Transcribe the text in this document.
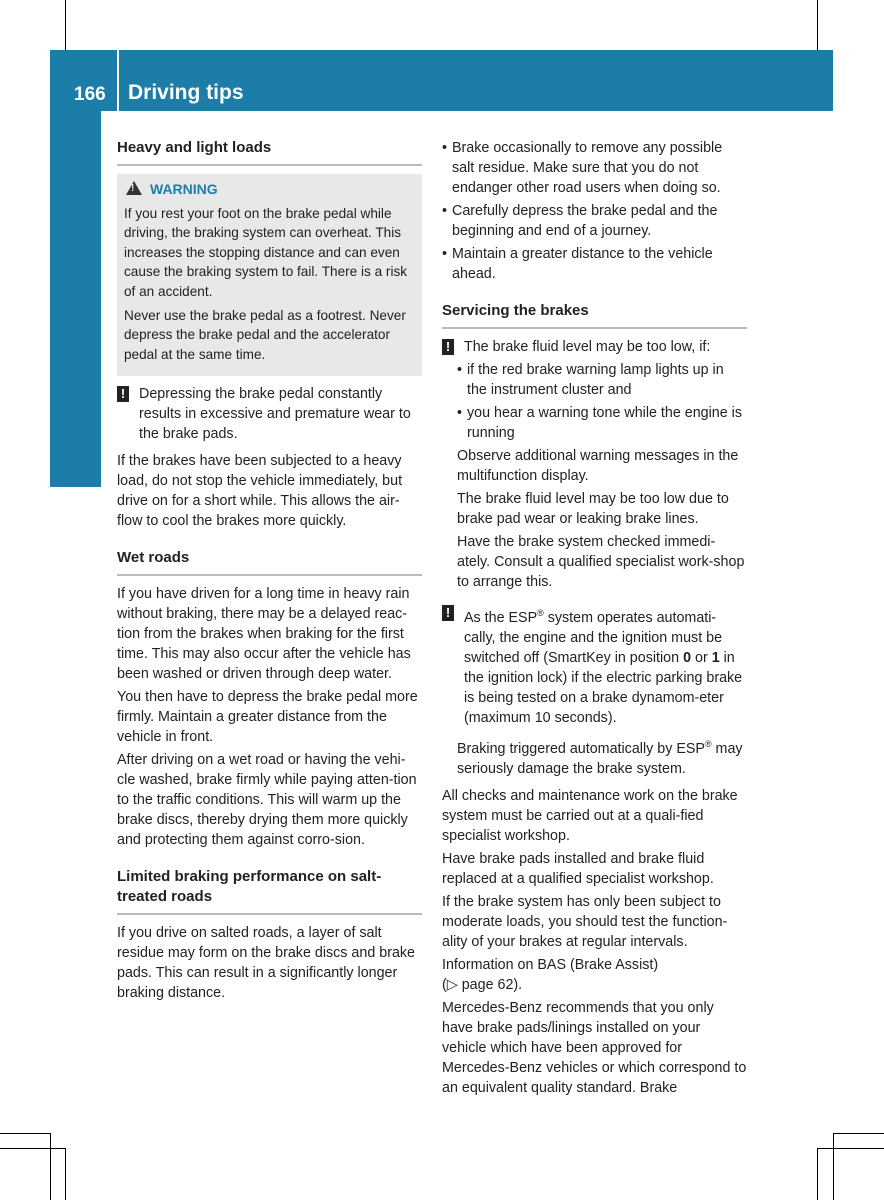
166 Driving tips
Driving and parking
Heavy and light loads
!WARNING

If you rest your foot on the brake pedal while driving, the braking system can overheat. This increases the stopping distance and can even cause the braking system to fail. There is a risk of an accident.

Never use the brake pedal as a footrest. Never depress the brake pedal and the accelerator pedal at the same time.

! Depressing the brake pedal constantly results in excessive and premature wear to the brake pads.

If the brakes have been subjected to a heavy load, do not stop the vehicle immediately, but drive on for a short while. This allows the air-flow to cool the brakes more quickly.

Wet roads

If you have driven for a long time in heavy rain without braking, there may be a delayed reac-tion from the brakes when braking for the first time. This may also occur after the vehicle has been washed or driven through deep water.

You then have to depress the brake pedal more firmly. Maintain a greater distance from the vehicle in front.

After driving on a wet road or having the vehi-cle washed, brake firmly while paying atten-tion to the traffic conditions. This will warm up the brake discs, thereby drying them more quickly and protecting them against corro-sion.

Limited braking performance on salt-treated roads

If you drive on salted roads, a layer of salt residue may form on the brake discs and brake pads. This can result in a significantly longer braking distance.

• Brake occasionally to remove any possible salt residue. Make sure that you do not endanger other road users when doing so.
• Carefully depress the brake pedal and the beginning and end of a journey.
• Maintain a greater distance to the vehicle ahead.
Servicing the brakes
! The brake fluid level may be too low, if:

• if the red brake warning lamp lights up in the instrument cluster and
• you hear a warning tone while the engine is running

Observe additional warning messages in the multifunction display.

The brake fluid level may be too low due to brake pad wear or leaking brake lines.

Have the brake system checked immedi-ately. Consult a qualified specialist work-shop to arrange this.

! As the ESP® system operates automati-cally, the engine and the ignition must be switched off (SmartKey in position 0 or 1 in the ignition lock) if the electric parking brake is being tested on a brake dynamom-eter (maximum 10 seconds).

Braking triggered automatically by ESP® may seriously damage the brake system.

All checks and maintenance work on the brake system must be carried out at a quali-fied specialist workshop.

Have brake pads installed and brake fluid replaced at a qualified specialist workshop.

If the brake system has only been subject to moderate loads, you should test the function-ality of your brakes at regular intervals.

Information on BAS (Brake Assist)

(▷ page 62).

Mercedes-Benz recommends that you only have brake pads/linings installed on your vehicle which have been approved for Mercedes-Benz vehicles or which correspond to an equivalent quality standard. Brake
